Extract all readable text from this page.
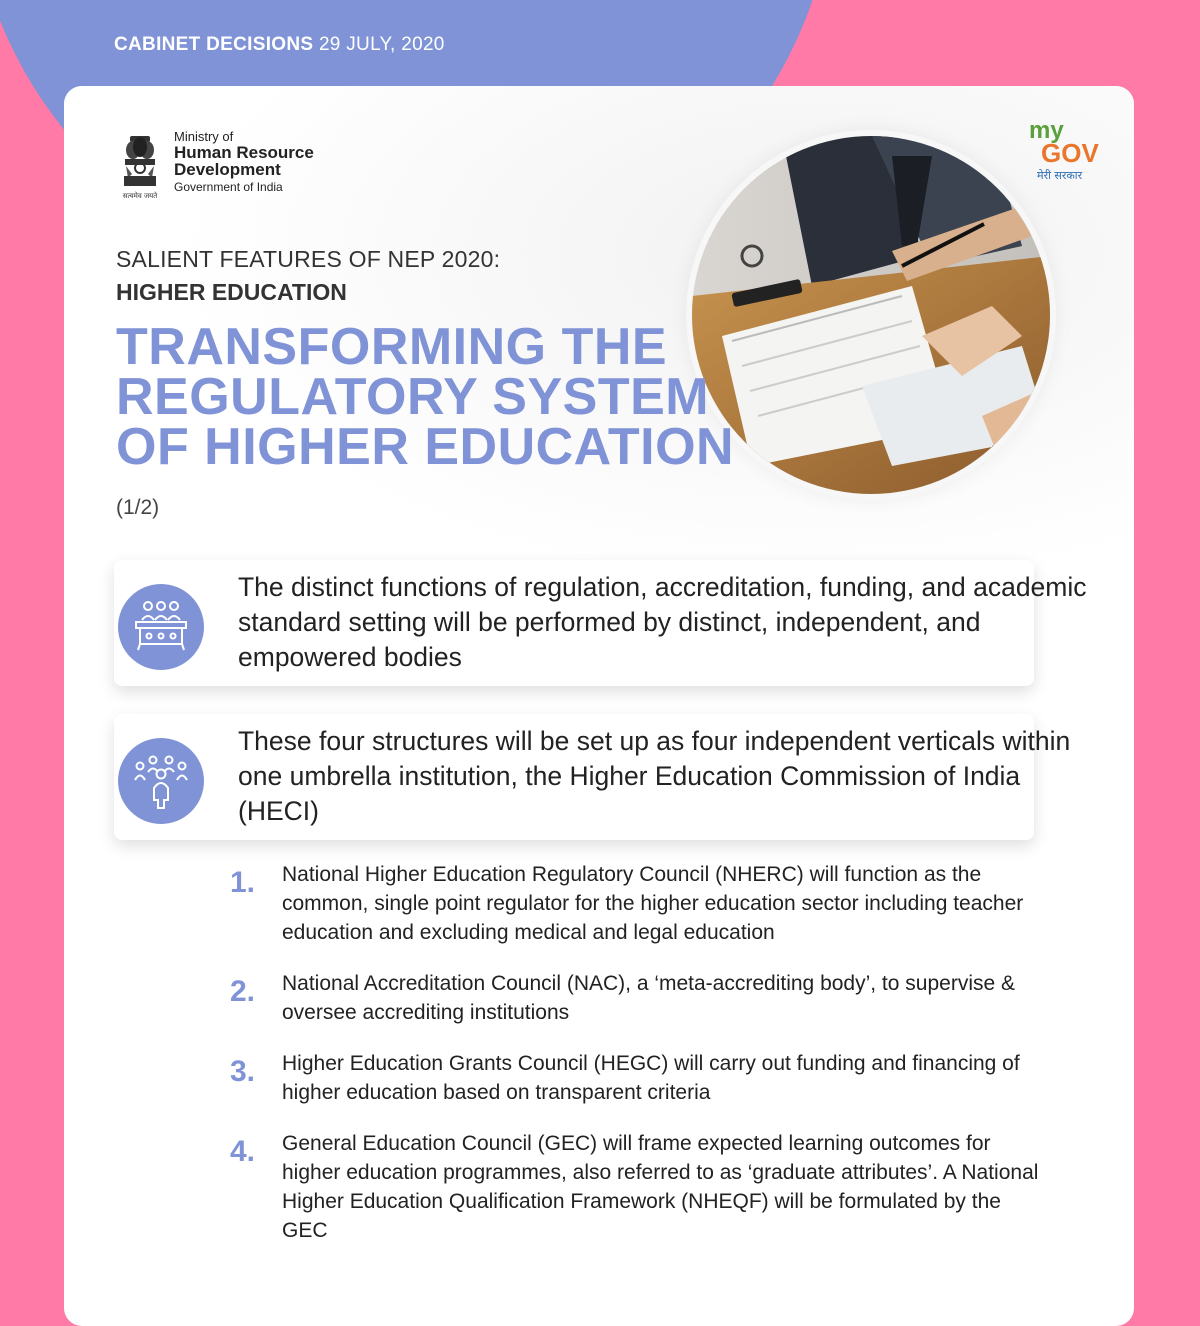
CABINET DECISIONS 29 JULY, 2020
सत्यमेव जयते
Ministry of
Human Resource
Development
Government of India
my
GOV
मेरी सरकार
SALIENT FEATURES OF NEP 2020:
HIGHER EDUCATION
TRANSFORMING THE REGULATORY SYSTEM OF HIGHER EDUCATION (1/2)
The distinct functions of regulation, accreditation, funding, and academic standard setting will be performed by distinct, independent, and empowered bodies
These four structures will be set up as four independent verticals within one umbrella institution, the Higher Education Commission of India (HECI)
1. National Higher Education Regulatory Council (NHERC) will function as the common, single point regulator for the higher education sector including teacher education and excluding medical and legal education
2. National Accreditation Council (NAC), a ‘meta-accrediting body’, to supervise & oversee accrediting institutions
3. Higher Education Grants Council (HEGC) will carry out funding and financing of higher education based on transparent criteria
4. General Education Council (GEC) will frame expected learning outcomes for higher education programmes, also referred to as ‘graduate attributes’. A National Higher Education Qualification Framework (NHEQF) will be formulated by the GEC
